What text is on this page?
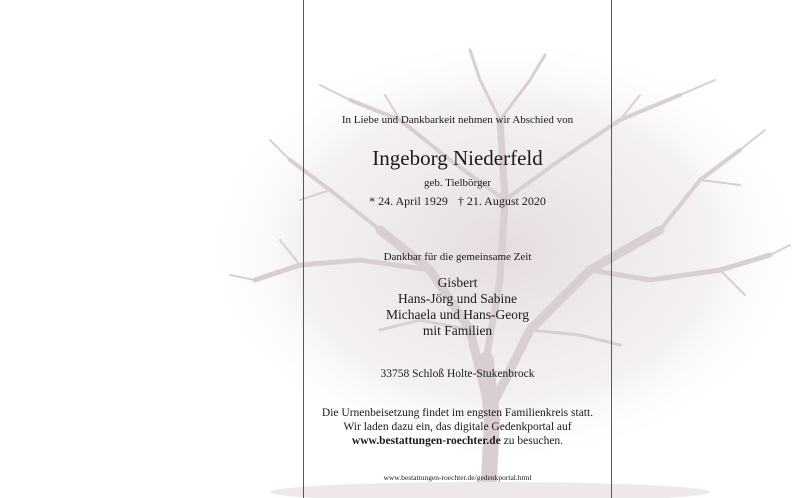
In Liebe und Dankbarkeit nehmen wir Abschied von
Ingeborg Niederfeld
geb. Tielbörger
* 24. April 1929 † 21. August 2020
Dankbar für die gemeinsame Zeit
Gisbert
Hans-Jörg und Sabine
Michaela und Hans-Georg
mit Familien
33758 Schloß Holte-Stukenbrock
Die Urnenbeisetzung findet im engsten Familienkreis statt.
Wir laden dazu ein, das digitale Gedenkportal auf
www.bestattungen-roechter.de zu besuchen.
www.bestattungen-roechter.de/gedenkportal.html
